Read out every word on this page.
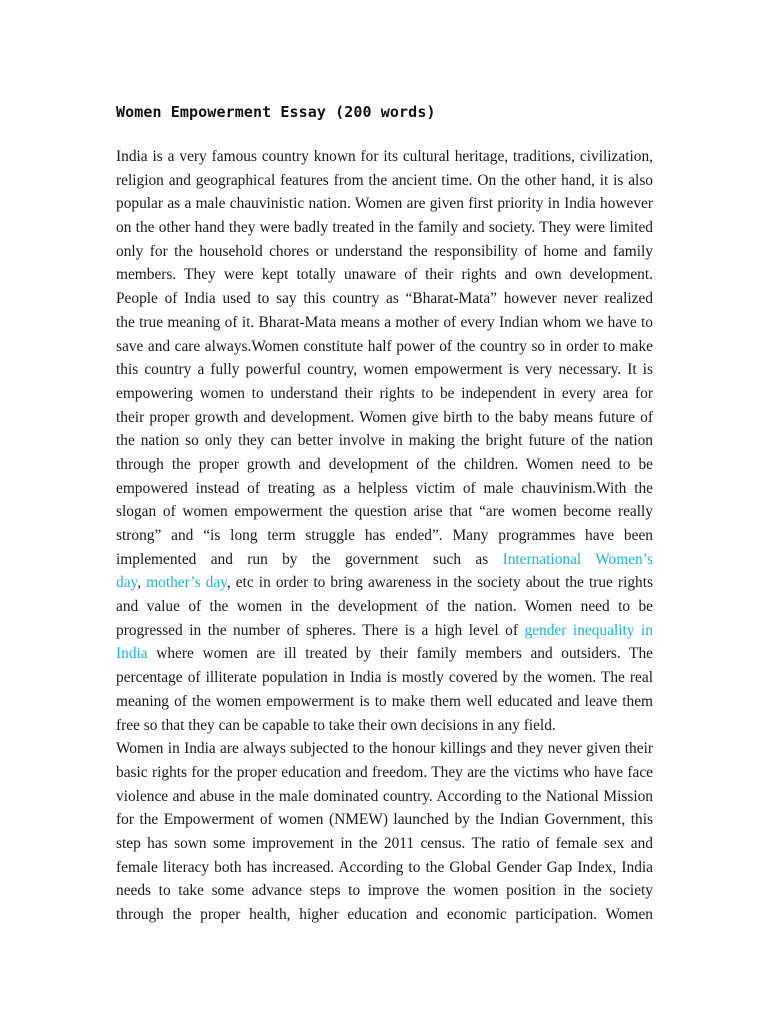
Women Empowerment Essay (200 words)
India is a very famous country known for its cultural heritage, traditions, civilization,
religion and geographical features from the ancient time. On the other hand, it is also
popular as a male chauvinistic nation. Women are given first priority in India however
on the other hand they were badly treated in the family and society. They were limited
only for the household chores or understand the responsibility of home and family
members. They were kept totally unaware of their rights and own development.
People of India used to say this country as “Bharat-Mata” however never realized
the true meaning of it. Bharat-Mata means a mother of every Indian whom we have to
save and care always.Women constitute half power of the country so in order to make
this country a fully powerful country, women empowerment is very necessary. It is
empowering women to understand their rights to be independent in every area for
their proper growth and development. Women give birth to the baby means future of
the nation so only they can better involve in making the bright future of the nation
through the proper growth and development of the children. Women need to be
empowered instead of treating as a helpless victim of male chauvinism.With the
slogan of women empowerment the question arise that “are women become really
strong” and “is long term struggle has ended”. Many programmes have been
implemented and run by the government such as International Women’s
day, mother’s day, etc in order to bring awareness in the society about the true rights
and value of the women in the development of the nation. Women need to be
progressed in the number of spheres. There is a high level of gender inequality in
India where women are ill treated by their family members and outsiders. The
percentage of illiterate population in India is mostly covered by the women. The real
meaning of the women empowerment is to make them well educated and leave them
free so that they can be capable to take their own decisions in any field.
Women in India are always subjected to the honour killings and they never given their
basic rights for the proper education and freedom. They are the victims who have face
violence and abuse in the male dominated country. According to the National Mission
for the Empowerment of women (NMEW) launched by the Indian Government, this
step has sown some improvement in the 2011 census. The ratio of female sex and
female literacy both has increased. According to the Global Gender Gap Index, India
needs to take some advance steps to improve the women position in the society
through the proper health, higher education and economic participation. Women
